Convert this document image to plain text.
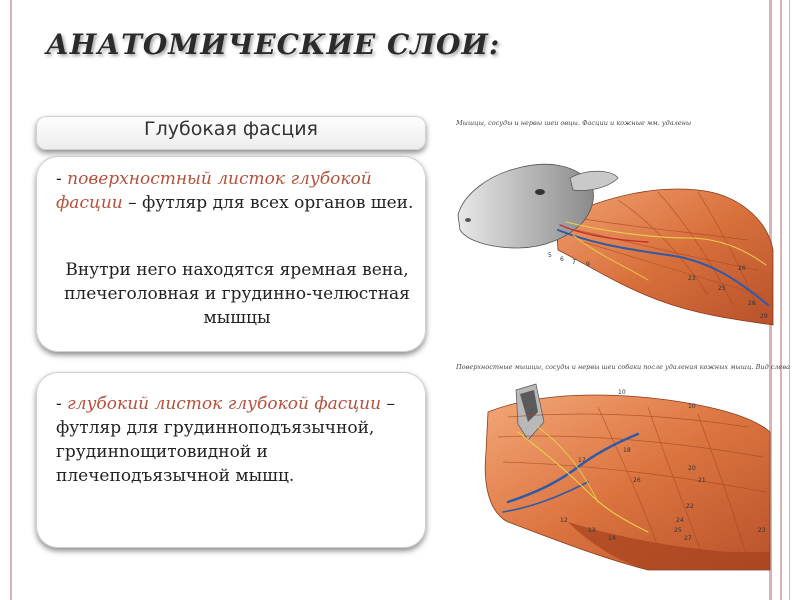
АНАТОМИЧЕСКИЕ СЛОИ:
Глубокая фасция

- поверхностный листок глубокой фасции – футляр для всех органов шеи.

Внутри него находятся яремная вена, плечеголовная и грудинно-челюстная мышцы

- глубокий листок глубокой фасции – футляр для грудинноподъязычной, грудинnoщитовидной и плечеподъязычной мышц.

Мышцы, сосуды и нервы шеи овцы. Фасции и кожные мм. удалены
Поверхностные мышцы, сосуды и нервы шеи собаки после удаления кожных мышц. Вид слева
5
6 7 9
23
25
26
28
29
10
10
12
13
14
17
18
20
21
22
23
24
25
26
27
